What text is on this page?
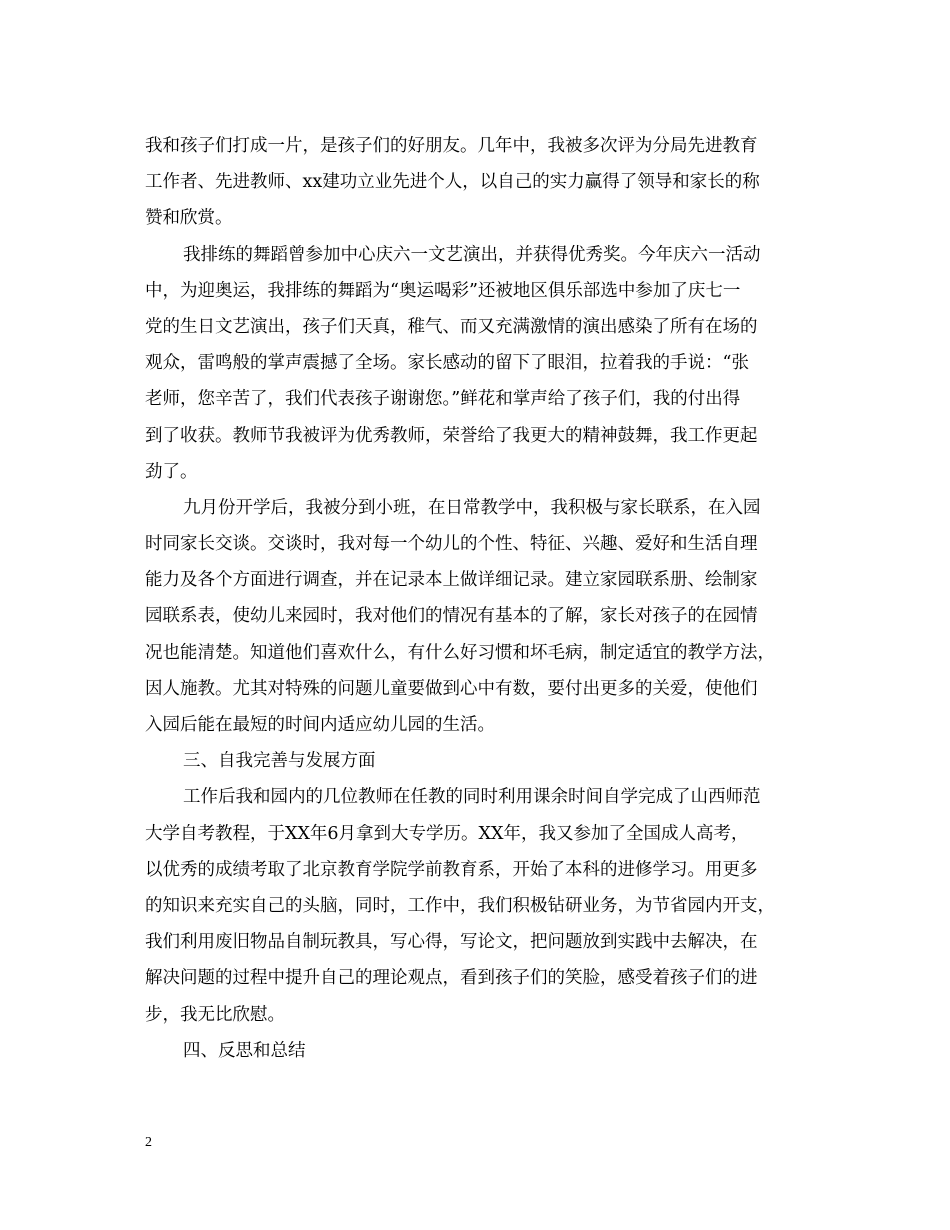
我和孩子们打成一片，是孩子们的好朋友。几年中，我被多次评为分局先进教育
工作者、先进教师、xx建功立业先进个人，以自己的实力赢得了领导和家长的称
赞和欣赏。
我排练的舞蹈曾参加中心庆六一文艺演出，并获得优秀奖。今年庆六一活动
中，为迎奥运，我排练的舞蹈为“奥运喝彩”还被地区俱乐部选中参加了庆七一
党的生日文艺演出，孩子们天真，稚气、而又充满激情的演出感染了所有在场的
观众，雷鸣般的掌声震撼了全场。家长感动的留下了眼泪，拉着我的手说：“张
老师，您辛苦了，我们代表孩子谢谢您。”鲜花和掌声给了孩子们，我的付出得
到了收获。教师节我被评为优秀教师，荣誉给了我更大的精神鼓舞，我工作更起
劲了。
九月份开学后，我被分到小班，在日常教学中，我积极与家长联系，在入园
时同家长交谈。交谈时，我对每一个幼儿的个性、特征、兴趣、爱好和生活自理
能力及各个方面进行调查，并在记录本上做详细记录。建立家园联系册、绘制家
园联系表，使幼儿来园时，我对他们的情况有基本的了解，家长对孩子的在园情
况也能清楚。知道他们喜欢什么，有什么好习惯和坏毛病，制定适宜的教学方法，
因人施教。尤其对特殊的问题儿童要做到心中有数，要付出更多的关爱，使他们
入园后能在最短的时间内适应幼儿园的生活。
三、自我完善与发展方面
工作后我和园内的几位教师在任教的同时利用课余时间自学完成了山西师范
大学自考教程，于XX年6月拿到大专学历。XX年，我又参加了全国成人高考，
以优秀的成绩考取了北京教育学院学前教育系，开始了本科的进修学习。用更多
的知识来充实自己的头脑，同时，工作中，我们积极钻研业务，为节省园内开支，
我们利用废旧物品自制玩教具，写心得，写论文，把问题放到实践中去解决，在
解决问题的过程中提升自己的理论观点，看到孩子们的笑脸，感受着孩子们的进
步，我无比欣慰。
四、反思和总结
2
